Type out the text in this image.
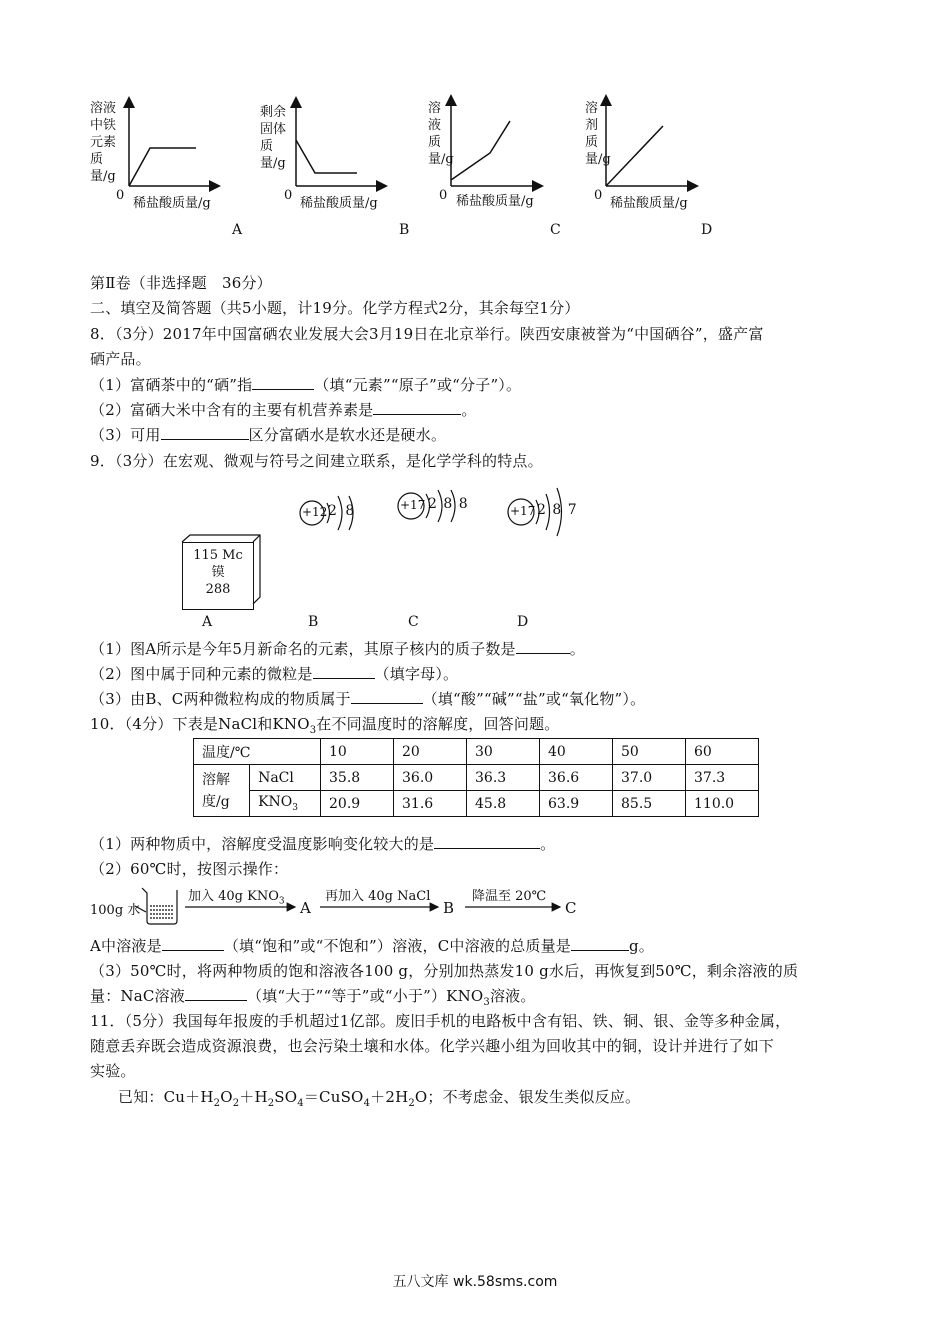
溶液中铁元素质量/g
0
稀盐酸质量/g
A
剩余固体质量/g
0
稀盐酸质量/g
B
溶液质量/g
0 稀盐酸质量/g
C
溶剂质量/g
0
稀盐酸质量/g
D
第Ⅱ卷（非选择题　36分）
二、填空及简答题（共5小题，计19分。化学方程式2分，其余每空1分）
8．（3分）2017年中国富硒农业发展大会3月19日在北京举行。陕西安康被誉为“中国硒谷”，盛产富
硒产品。
（1）富硒茶中的“硒”指	（填“元素”“原子”或“分子”）。
（2）富硒大米中含有的主要有机营养素是	。
（3）可用	区分富硒水是软水还是硬水。
9．（3分）在宏观、微观与符号之间建立联系，是化学学科的特点。
+12 2 8	+17 2 8 8	+17 2 8 7
115 Mc
镆
288
A	B	C	D
（1）图A所示是今年5月新命名的元素，其原子核内的质子数是	。
（2）图中属于同种元素的微粒是	（填字母）。
（3）由B、C两种微粒构成的物质属于	（填“酸”“碱”“盐”或“氧化物”）。
10．（4分）下表是NaCl和$KNO_3$在不同温度时的溶解度，回答问题。
温度/℃		10	20	30	40	50	60

溶解
度/g	NaCl	35.8	36.0	36.3	36.6	37.0	37.3
	$KNO_3$	20.9	31.6	45.8	63.9	85.5	110.0
（1）两种物质中，溶解度受温度影响变化较大的是	。
（2）60℃时，按图示操作：
100g 水
加入 40g $KNO_3$ A
再加入 40g NaCl
B
降温至 20℃
C
A中溶液是	（填“饱和”或“不饱和”）溶液，C中溶液的总质量是	g。
（3）50℃时，将两种物质的饱和溶液各100 g，分别加热蒸发10 g水后，再恢复到50℃，剩余溶液的质
量：NaC溶液	（填“大于”“等于”或“小于$”)KNO_3$溶液。
11．（5分）我国每年报废的手机超过1亿部。废旧手机的电路板中含有铝、铁、铜、银、金等多种金属，
随意丢弃既会造成资源浪费，也会污染土壤和水体。化学兴趣小组为回收其中的铜，设计并进行了如下
实验。
已知：$Cu+H_2O_2+H_2SO_4=CuSO_4+2H_2O$；不考虑金、银发生类似反应。
五八文库 wk.58sms.com
